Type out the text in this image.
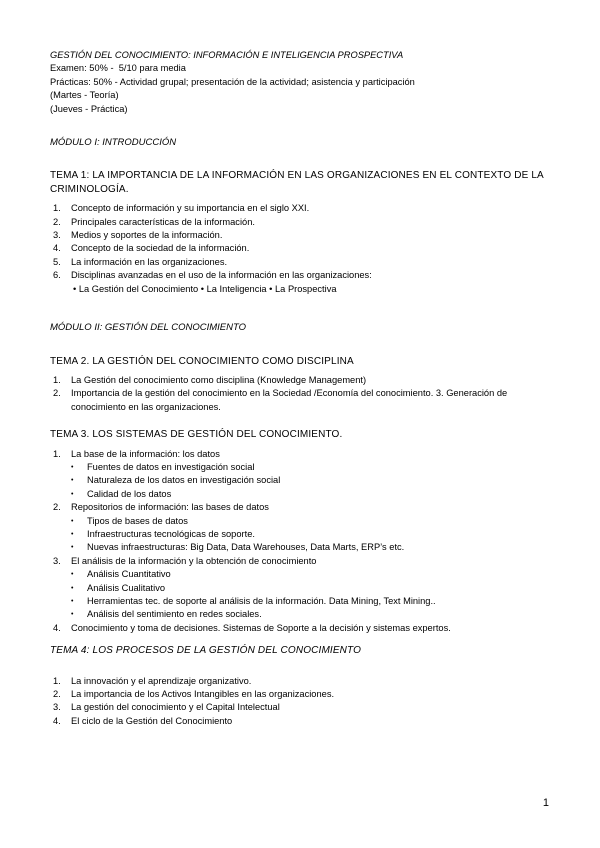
GESTIÓN DEL CONOCIMIENTO: INFORMACIÓN E INTELIGENCIA PROSPECTIVA
Examen: 50% -  5/10 para media
Prácticas: 50% - Actividad grupal; presentación de la actividad; asistencia y participación
(Martes - Teoría)
(Jueves - Práctica)
MÓDULO I: INTRODUCCIÓN
TEMA 1: LA IMPORTANCIA DE LA INFORMACIÓN EN LAS ORGANIZACIONES EN EL CONTEXTO DE LA CRIMINOLOGÍA.
1. Concepto de información y su importancia en el siglo XXI.
2. Principales características de la información.
3. Medios y soportes de la información.
4. Concepto de la sociedad de la información.
5. La información en las organizaciones.
6. Disciplinas avanzadas en el uso de la información en las organizaciones:
• La Gestión del Conocimiento • La Inteligencia • La Prospectiva
MÓDULO II: GESTIÓN DEL CONOCIMIENTO
TEMA 2. LA GESTIÓN DEL CONOCIMIENTO COMO DISCIPLINA
1. La Gestión del conocimiento como disciplina (Knowledge Management)
2. Importancia de la gestión del conocimiento en la Sociedad /Economía del conocimiento. 3. Generación de conocimiento en las organizaciones.
TEMA 3. LOS SISTEMAS DE GESTIÓN DEL CONOCIMIENTO.
1. La base de la información: los datos
• Fuentes de datos en investigación social
• Naturaleza de los datos en investigación social
• Calidad de los datos
2. Repositorios de información: las bases de datos
• Tipos de bases de datos
• Infraestructuras tecnológicas de soporte.
• Nuevas infraestructuras: Big Data, Data Warehouses, Data Marts, ERP’s etc.
3. El análisis de la información y la obtención de conocimiento
• Análisis Cuantitativo
• Análisis Cualitativo
• Herramientas tec. de soporte al análisis de la información. Data Mining, Text Mining..
• Análisis del sentimiento en redes sociales.
4. Conocimiento y toma de decisiones. Sistemas de Soporte a la decisión y sistemas expertos.
TEMA 4: LOS PROCESOS DE LA GESTIÓN DEL CONOCIMIENTO
1. La innovación y el aprendizaje organizativo.
2. La importancia de los Activos Intangibles en las organizaciones.
3. La gestión del conocimiento y el Capital Intelectual
4. El ciclo de la Gestión del Conocimiento
1
